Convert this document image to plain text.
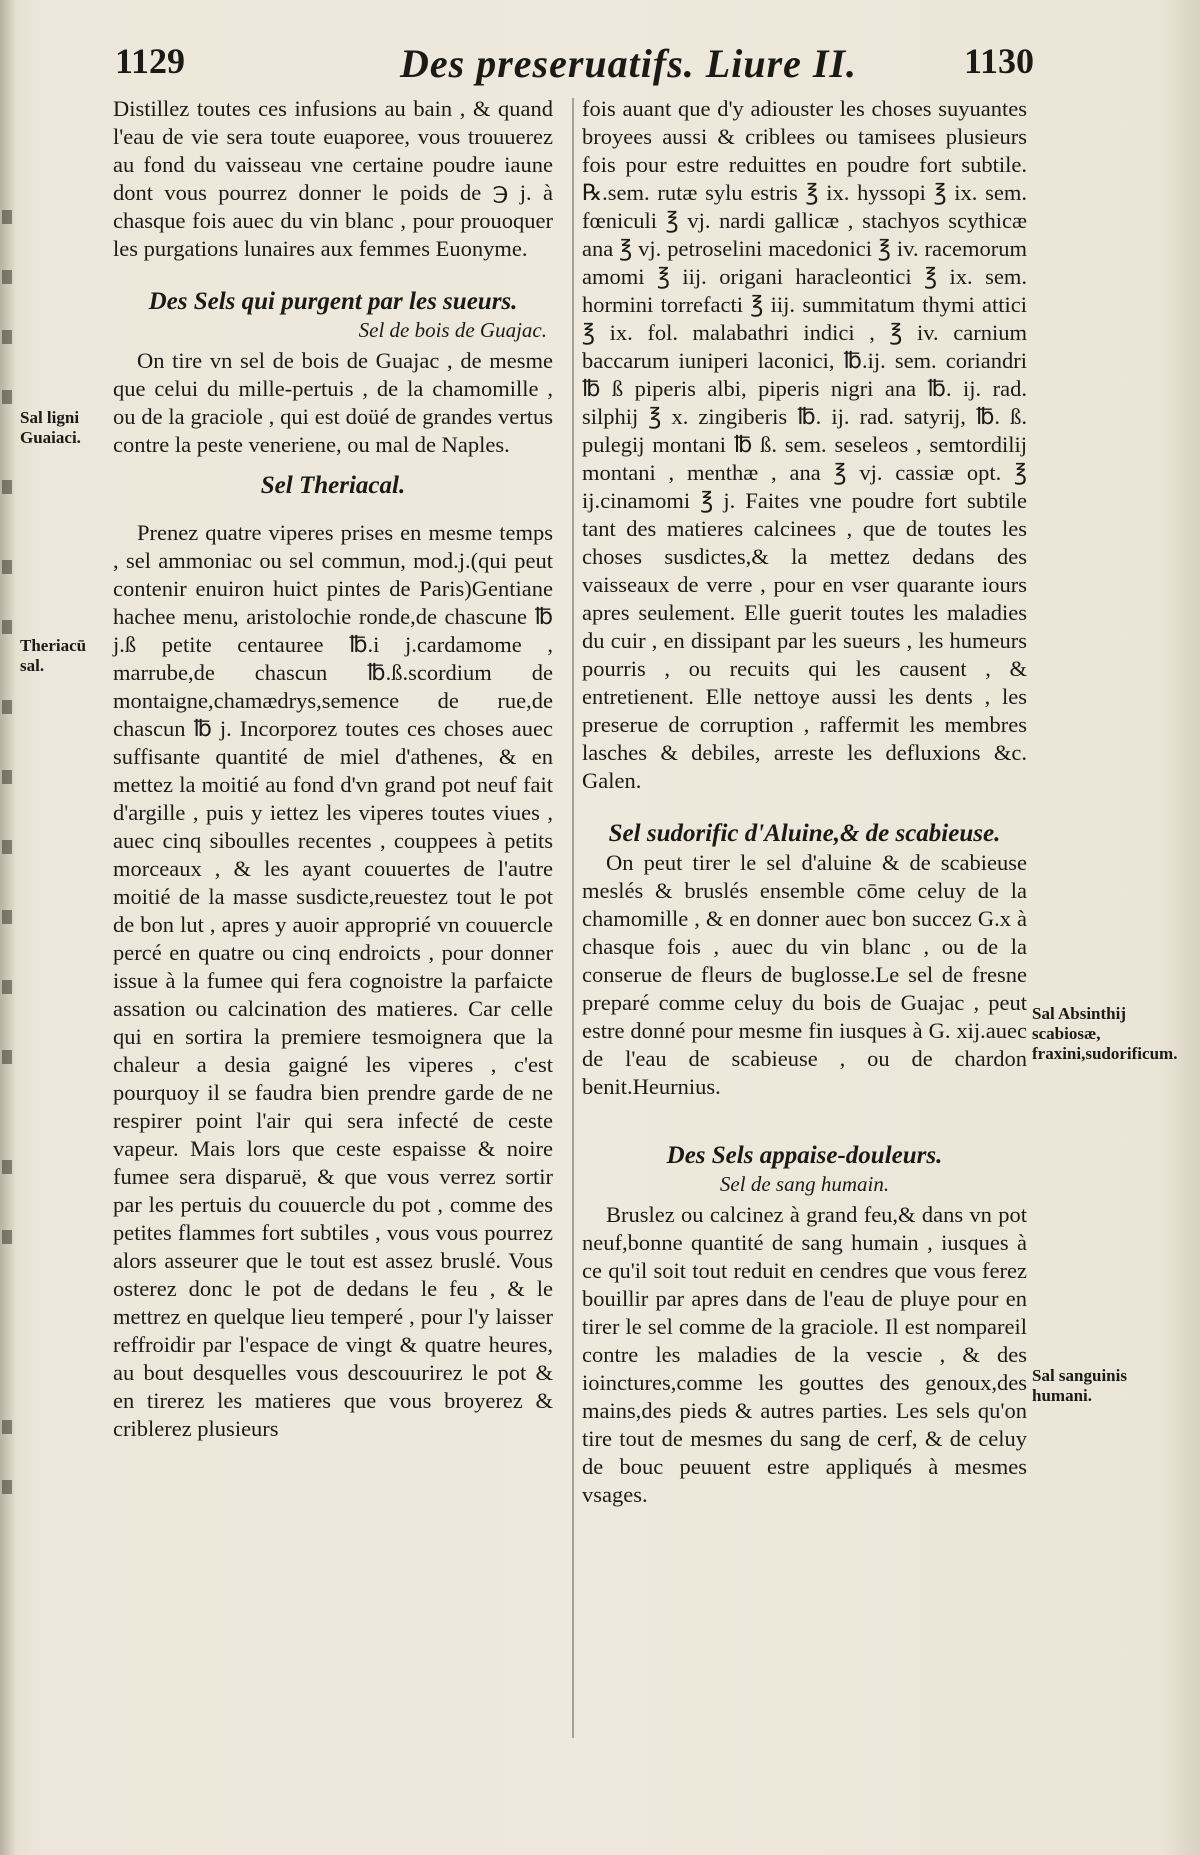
1129	Des preseruatifs. Liure II.	1130

Distillez toutes ces infusions au bain , & quand l'eau de vie sera toute euaporee, vous trouuerez au fond du vaisseau vne certaine poudre iaune dont vous pourrez donner le poids de ℈ j. à chasque fois auec du vin blanc , pour prouoquer les purgations lunaires aux femmes Euonyme.

Des Sels qui purgent par les sueurs.
Sel de bois de Guajac.

On tire vn sel de bois de Guajac , de mesme que celui du mille-pertuis , de la chamomille , ou de la graciole , qui est doüé de grandes vertus contre la peste veneriene, ou mal de Naples.

Sel Theriacal.

Prenez quatre viperes prises en mesme temps , sel ammoniac ou sel commun, mod.j.(qui peut contenir enuiron huict pintes de Paris)Gentiane hachee menu, aristolochie ronde,de chascune ℔ j.ß petite centauree ℔.i j.cardamome , marrube,de chascun ℔.ß.scordium de montaigne,chamædrys,semence de rue,de chascun ℔ j. Incorporez toutes ces choses auec suffisante quantité de miel d'athenes, & en mettez la moitié au fond d'vn grand pot neuf fait d'argille , puis y iettez les viperes toutes viues , auec cinq siboulles recentes , couppees à petits morceaux , & les ayant couuertes de l'autre moitié de la masse susdicte,reuestez tout le pot de bon lut , apres y auoir approprié vn couuercle percé en quatre ou cinq endroicts , pour donner issue à la fumee qui fera cognoistre la parfaicte assation ou calcination des matieres. Car celle qui en sortira la premiere tesmoignera que la chaleur a desia gaigné les viperes , c'est pourquoy il se faudra bien prendre garde de ne respirer point l'air qui sera infecté de ceste vapeur. Mais lors que ceste espaisse & noire fumee sera disparuë, & que vous verrez sortir par les pertuis du couuercle du pot , comme des petites flammes fort subtiles , vous vous pourrez alors asseurer que le tout est assez bruslé. Vous osterez donc le pot de dedans le feu , & le mettrez en quelque lieu temperé , pour l'y laisser reffroidir par l'espace de vingt & quatre heures, au bout desquelles vous descouurirez le pot & en tirerez les matieres que vous broyerez & criblerez plusieurs

fois auant que d'y adiouster les choses suyuantes broyees aussi & criblees ou tamisees plusieurs fois pour estre reduittes en poudre fort subtile. ℞.sem. rutæ sylu estris ℥ ix. hyssopi ℥ ix. sem. fœniculi ℥ vj. nardi gallicæ , stachyos scythicæ ana ℥ vj. petroselini macedonici ℥ iv. racemorum amomi ℥ iij. origani haracleontici ℥ ix. sem. hormini torrefacti ℥ iij. summitatum thymi attici ℥ ix. fol. malabathri indici , ℥ iv. carnium baccarum iuniperi laconici, ℔.ij. sem. coriandri ℔ ß piperis albi, piperis nigri ana ℔. ij. rad. silphij ℥ x. zingiberis ℔. ij. rad. satyrij, ℔. ß. pulegij montani ℔ ß. sem. seseleos , semtordilij montani , menthæ , ana ℥ vj. cassiæ opt. ℥ ij.cinamomi ℥ j. Faites vne poudre fort subtile tant des matieres calcinees , que de toutes les choses susdictes,& la mettez dedans des vaisseaux de verre , pour en vser quarante iours apres seulement. Elle guerit toutes les maladies du cuir , en dissipant par les sueurs , les humeurs pourris , ou recuits qui les causent , & entretienent. Elle nettoye aussi les dents , les preserue de corruption , raffermit les membres lasches & debiles, arreste les defluxions &c. Galen.

Sel sudorific d'Aluine,& de scabieuse.

On peut tirer le sel d'aluine & de scabieuse meslés & bruslés ensemble cōme celuy de la chamomille , & en donner auec bon succez G.x à chasque fois , auec du vin blanc , ou de la conserue de fleurs de buglosse.Le sel de fresne preparé comme celuy du bois de Guajac , peut estre donné pour mesme fin iusques à G. xij.auec de l'eau de scabieuse , ou de chardon benit.Heurnius.

Des Sels appaise-douleurs.
Sel de sang humain.

Bruslez ou calcinez à grand feu,& dans vn pot neuf,bonne quantité de sang humain , iusques à ce qu'il soit tout reduit en cendres que vous ferez bouillir par apres dans de l'eau de pluye pour en tirer le sel comme de la graciole. Il est nompareil contre les maladies de la vescie , & des ioinctures,comme les gouttes des genoux,des mains,des pieds & autres parties. Les sels qu'on tire tout de mesmes du sang de cerf, & de celuy de bouc peuuent estre appliqués à mesmes vsages.

Sal ligni Guaiaci.
Theriacū sal.
Sal Absinthij scabiosæ, fraxini,sudorificum.
Sal sanguinis humani.
